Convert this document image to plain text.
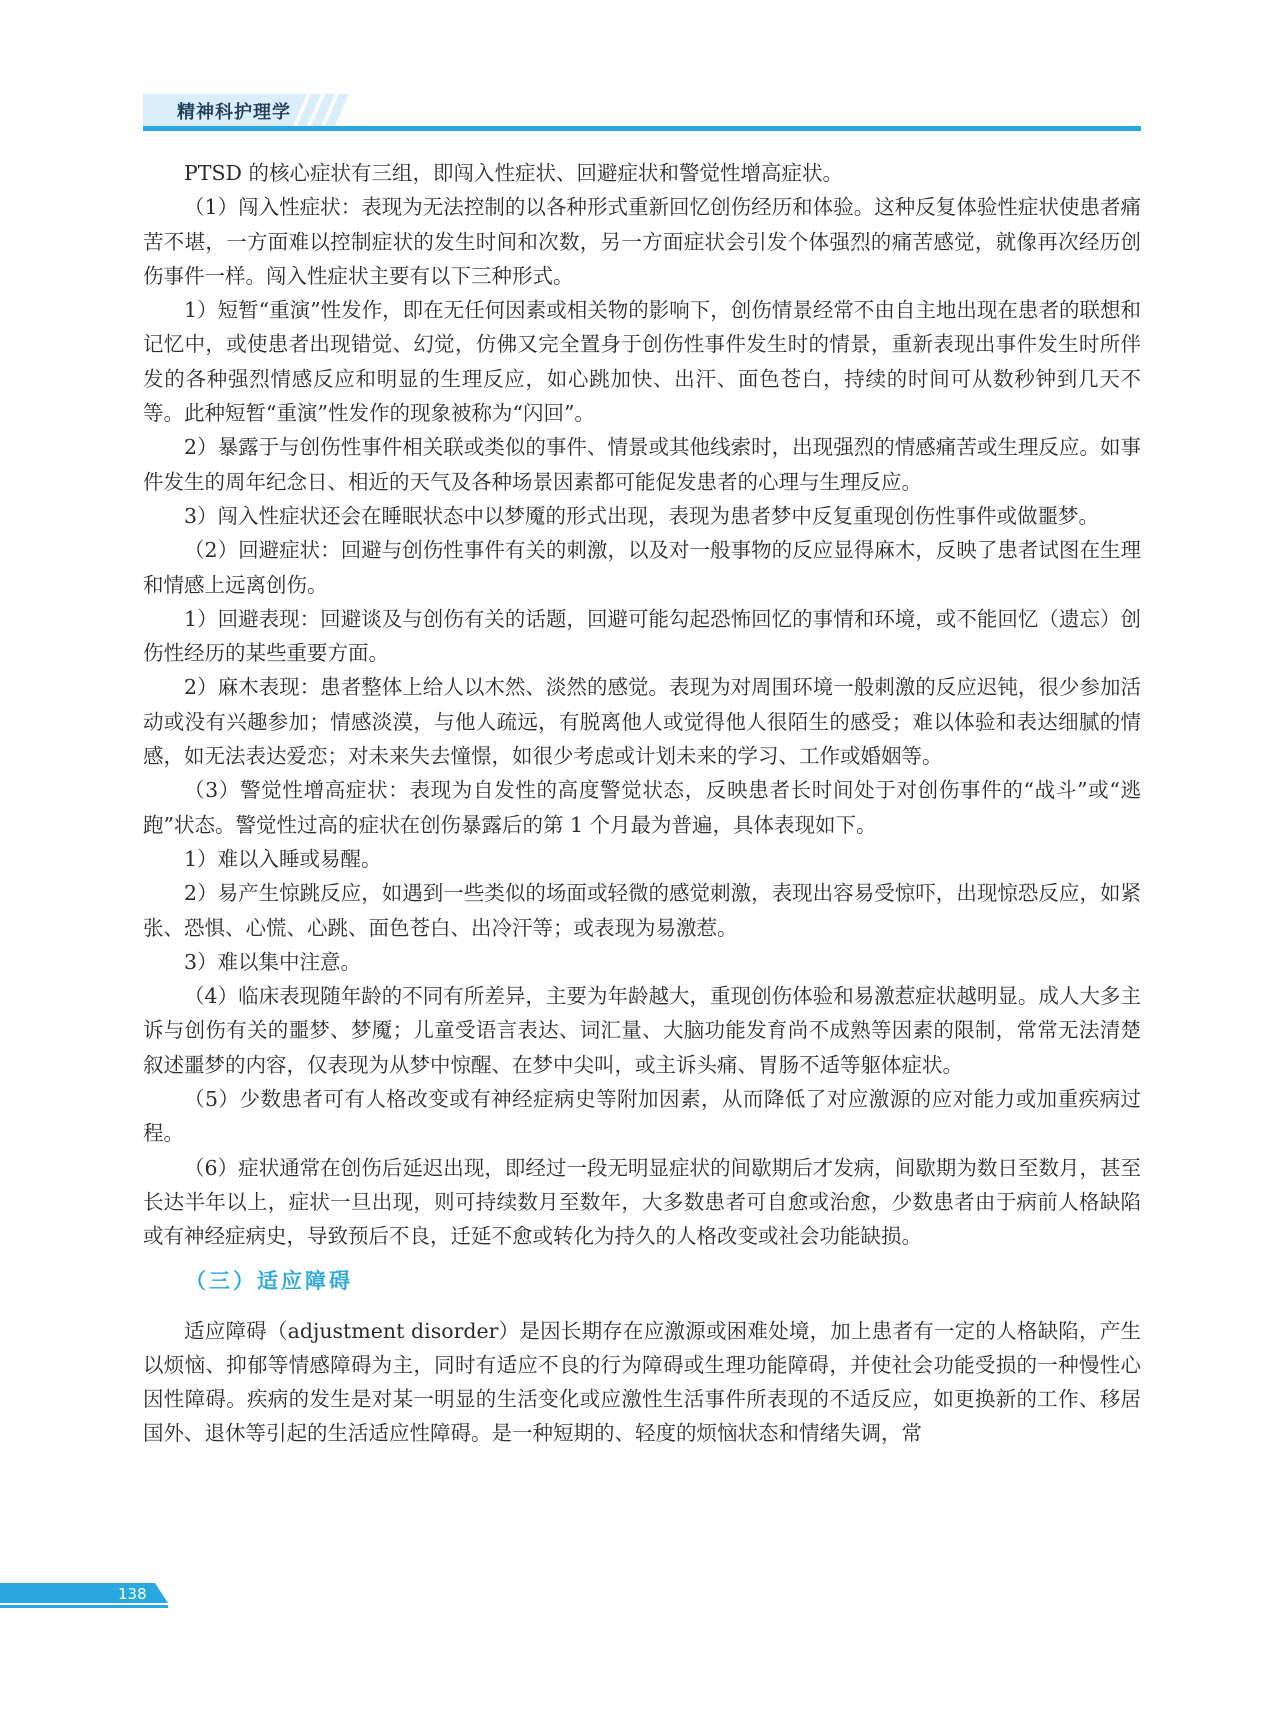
精神科护理学

PTSD 的核心症状有三组，即闯入性症状、回避症状和警觉性增高症状。

（1）闯入性症状：表现为无法控制的以各种形式重新回忆创伤经历和体验。这种反复体验性症状使患者痛苦不堪，一方面难以控制症状的发生时间和次数，另一方面症状会引发个体强烈的痛苦感觉，就像再次经历创伤事件一样。闯入性症状主要有以下三种形式。

1）短暂“重演”性发作，即在无任何因素或相关物的影响下，创伤情景经常不由自主地出现在患者的联想和记忆中，或使患者出现错觉、幻觉，仿佛又完全置身于创伤性事件发生时的情景，重新表现出事件发生时所伴发的各种强烈情感反应和明显的生理反应，如心跳加快、出汗、面色苍白，持续的时间可从数秒钟到几天不等。此种短暂“重演”性发作的现象被称为“闪回”。

2）暴露于与创伤性事件相关联或类似的事件、情景或其他线索时，出现强烈的情感痛苦或生理反应。如事件发生的周年纪念日、相近的天气及各种场景因素都可能促发患者的心理与生理反应。

3）闯入性症状还会在睡眠状态中以梦魇的形式出现，表现为患者梦中反复重现创伤性事件或做噩梦。

（2）回避症状：回避与创伤性事件有关的刺激，以及对一般事物的反应显得麻木，反映了患者试图在生理和情感上远离创伤。

1）回避表现：回避谈及与创伤有关的话题，回避可能勾起恐怖回忆的事情和环境，或不能回忆（遗忘）创伤性经历的某些重要方面。

2）麻木表现：患者整体上给人以木然、淡然的感觉。表现为对周围环境一般刺激的反应迟钝，很少参加活动或没有兴趣参加；情感淡漠，与他人疏远，有脱离他人或觉得他人很陌生的感受；难以体验和表达细腻的情感，如无法表达爱恋；对未来失去憧憬，如很少考虑或计划未来的学习、工作或婚姻等。

（3）警觉性增高症状：表现为自发性的高度警觉状态，反映患者长时间处于对创伤事件的“战斗”或“逃跑”状态。警觉性过高的症状在创伤暴露后的第 1 个月最为普遍，具体表现如下。

1）难以入睡或易醒。

2）易产生惊跳反应，如遇到一些类似的场面或轻微的感觉刺激，表现出容易受惊吓，出现惊恐反应，如紧张、恐惧、心慌、心跳、面色苍白、出冷汗等；或表现为易激惹。

3）难以集中注意。

（4）临床表现随年龄的不同有所差异，主要为年龄越大，重现创伤体验和易激惹症状越明显。成人大多主诉与创伤有关的噩梦、梦魇；儿童受语言表达、词汇量、大脑功能发育尚不成熟等因素的限制，常常无法清楚叙述噩梦的内容，仅表现为从梦中惊醒、在梦中尖叫，或主诉头痛、胃肠不适等躯体症状。

（5）少数患者可有人格改变或有神经症病史等附加因素，从而降低了对应激源的应对能力或加重疾病过程。

（6）症状通常在创伤后延迟出现，即经过一段无明显症状的间歇期后才发病，间歇期为数日至数月，甚至长达半年以上，症状一旦出现，则可持续数月至数年，大多数患者可自愈或治愈，少数患者由于病前人格缺陷或有神经症病史，导致预后不良，迁延不愈或转化为持久的人格改变或社会功能缺损。

（三）适应障碍

适应障碍（adjustment disorder）是因长期存在应激源或困难处境，加上患者有一定的人格缺陷，产生以烦恼、抑郁等情感障碍为主，同时有适应不良的行为障碍或生理功能障碍，并使社会功能受损的一种慢性心因性障碍。疾病的发生是对某一明显的生活变化或应激性生活事件所表现的不适反应，如更换新的工作、移居国外、退休等引起的生活适应性障碍。是一种短期的、轻度的烦恼状态和情绪失调，常

138
